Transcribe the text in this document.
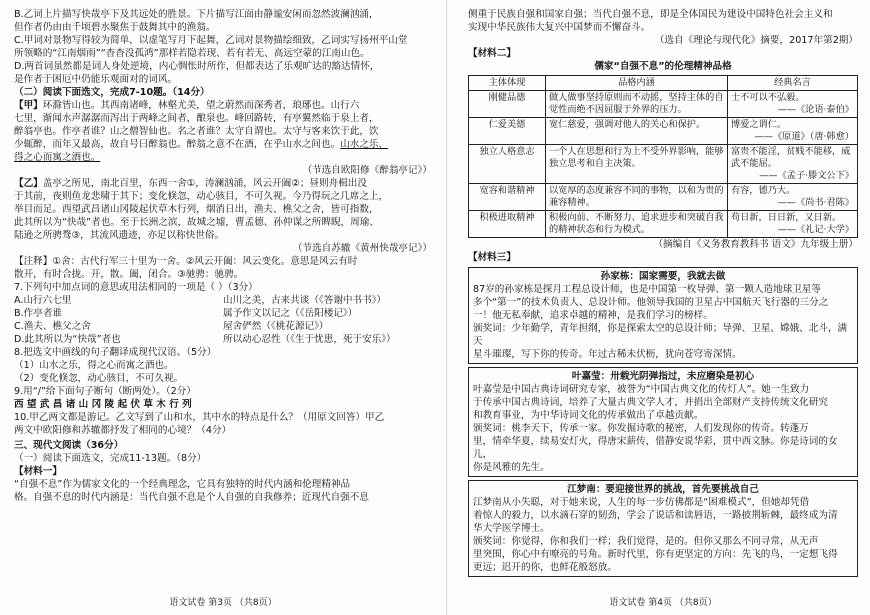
B.乙词上片描写快哉亭下及其远处的胜景。下片描写江面由静谧安闲而忽然波澜汹涌，

但作者仍由由千顷碧水聚焦于鼓舞其中的渔翁。

C.甲词对景物写得较为简单，以虚笔写月下起舞，乙词对景物描绘细致，乙词实写扬州平山堂

所领略的“江南烟雨”“杳杳没孤鸿”那样若隐若现、若有若无、高远空蒙的江南山色。

D.两首词虽然都是词人身处逆境，内心惆怅时所作，但都表达了乐观旷达的豁达情怀，

是作者于困厄中仍能乐观面对的词风。

（二）阅读下面选文，完成7-10题。（14分）

【甲】环滁皆山也。其西南诸峰，林壑尤美，望之蔚然而深秀者，琅琊也。山行六

七里，渐闻水声潺潺而泻出于两峰之间者，酿泉也。峰回路转，有亭翼然临于泉上者，

醉翁亭也。作亭者谁？山之僧智仙也。名之者谁？太守自谓也。太守与客来饮于此，饮

少辄醉，而年又最高，故自号曰醉翁也。醉翁之意不在酒，在乎山水之间也。山水之乐，

得之心而寓之酒也。

（节选自欧阳修《醉翁亭记》）

【乙】盖亭之所见，南北百里，东西一舍①，涛澜汹涌，风云开阖②；昼则舟楫出没

于其前，夜则鱼龙悲啸于其下；变化倏忽，动心骇目，不可久视。今乃得玩之几席之上，

举目而足。西望武昌诸山冈陵起伏草木行列，烟消日出，渔夫、樵父之舍，皆可指数，

此其所以为“快哉”者也。至于长洲之滨，故城之墟，曹孟德、孙仲谋之所睥睨，周瑜、

陆逊之所骋骛③，其流风遗迹，亦足以称快世俗。

（节选自苏辙《黄州快哉亭记》）

【注释】①舍：古代行军三十里为一舍。②风云开阖：风云变化。意思是风云有时

散开，有时合拢。开，散。阖，闭合。③驰骋：驰骋。

7.下列句中加点词的意思或用法相同的一项是（ ）（3分）

A.山行六七里	山川之美，古来共谈（《答谢中书书》）

B.作亭者谁	属予作文以记之（《岳阳楼记》）

C.渔夫、樵父之舍	屋舍俨然（《桃花源记》）

D.此其所以为“快哉”者也	所以动心忍性（《生于忧患，死于安乐》）

8.把选文中画线的句子翻译成现代汉语。（5分）

（1）山水之乐，得之心而寓之酒也。

（2）变化倏忽，动心骇目，不可久视。

9.用“/”给下面句子断句（断两处）。（2分）

西 望 武 昌 诸 山 冈 陵 起 伏 草 木 行 列

10.甲乙两文都是游记。乙文写到了山和水，其中水的特点是什么？（用原文回答）甲乙

两文中欧阳修和苏辙都抒发了相同的心境？（4分）

三、现代文阅读（36分）

（一）阅读下面选文，完成11-13题。（8分）

【材料一】

“自强不息”作为儒家文化的一个经典理念，它具有独特的时代内涵和伦理精神品

格。自强不息的时代内涵是：当代自强不息是个人自强的自我修养；近现代自强不息

语文试卷 第3页 （共8页）

侧重于民族自强和国家自强；当代自强不息，即是全体国民为建设中国特色社会主义和

实现中华民族伟大复兴中国梦而不懈奋斗。

（选自《理论与现代化》摘要，2017年第2期）

【材料二】

儒家“自强不息”的伦理精神品格

主体体现	品格内涵	经典名言
刚健品德	做人做事坚持原则而不动摇，坚持主体的自觉性而绝不因屈服于外界的压力。	士不可以不弘毅。
——《论语·泰伯》

仁爱美德	宽仁慈爱，强调对他人的关心和保护。	博爱之谓仁。
——《原道》（唐·韩愈）

独立人格意志	一个人在思想和行为上不受外界影响，能够独立思考和自主决策。	富贵不能淫，贫贱不能移，威武不能屈。
——《孟子·滕文公下》

宽容和谐精神	以宽厚的态度兼容不同的事物，以和为贵的兼容精神。	有容，德乃大。
——《尚书·君陈》

积极进取精神	积极向前、不断努力、追求进步和突破自我的精神状态和行为模式。	苟日新，日日新，又日新。
——《礼记·大学》

（摘编自《义务教育教科书 语文》九年级上册）

【材料三】

孙家栋：国家需要，我就去做

87岁的孙家栋是探月工程总设计师，也是中国第一枚导弹、第一颗人造地球卫星等

多个“第一”的技术负责人、总设计师。他领导我国的卫星占中国航天飞行器的三分之

一！他无私奉献，追求卓越的精神，是我们学习的榜样。

颁奖词：少年勤学，青年担纲，你是探索太空的总设计师；导弹、卫星、嫦娥、北斗，满天

星斗璀璨，写下你的传奇。年过古稀未伏枥，犹向苍穹寄深情。

叶嘉莹：卅载光阴弹指过，未应磨染是初心

叶嘉莹是中国古典诗词研究专家，被誉为“中国古典文化的传灯人”。她一生致力

于传承中国古典诗词，培养了大量古典文学人才，并捐出全部财产支持传统文化研究

和教育事业，为中华诗词文化的传承做出了卓越贡献。

颁奖词：桃李天下，传承一家。你发掘诗歌的秘密，人们发现你的传奇。转蓬万

里，情牵华夏，续易安灯火，得唐宋薪传，借静安说华彩，贯中西文脉。你是诗词的女儿，

你是风雅的先生。

江梦南：要迎接世界的挑战，首先要挑战自己

江梦南从小失聪，对于她来说，人生的每一步仿佛都是“困难模式”，但她却凭借

着惊人的毅力，以水滴石穿的韧劲，学会了说话和读唇语，一路披荆斩棘，最终成为清

华大学医学博士。

颁奖词：你觉得，你和我们一样；我们觉得，是的。但你又那么不同寻常，从无声

里突围，你心中有嘹亮的号角。新时代里，你有更坚定的方向：先飞的鸟，一定想飞得

更远；迟开的你，也鲜花般怒放。

语文试卷 第4页 （共8页）
